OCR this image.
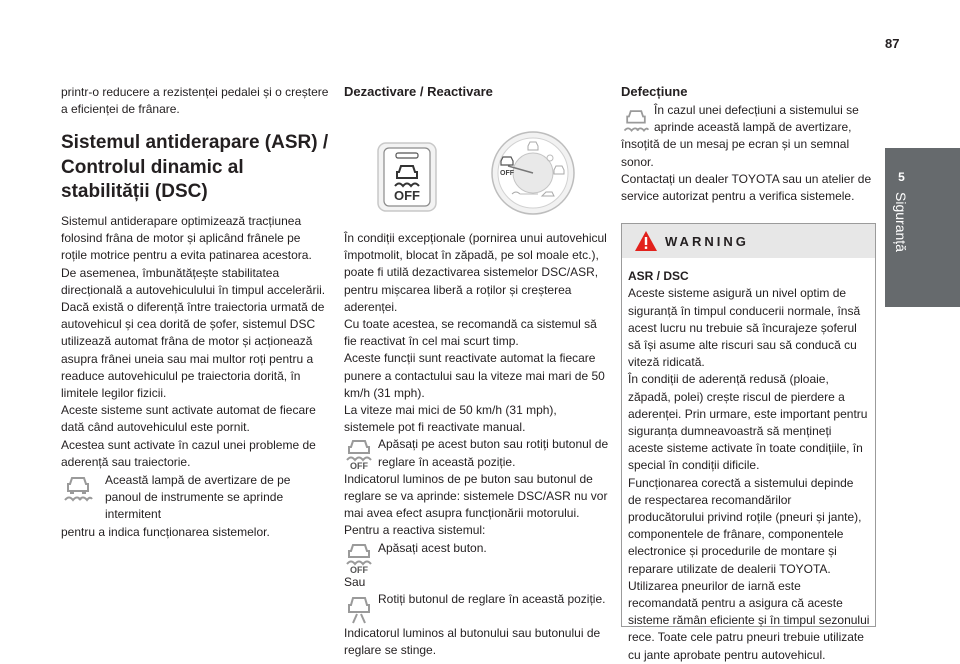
87
5
Siguranță

printr-o reducere a rezistenței pedalei și o creștere a eficienței de frânare.

Sistemul antiderapare (ASR) / Controlul dinamic al stabilității (DSC)

Sistemul antiderapare optimizează tracțiunea folosind frâna de motor și aplicând frânele pe roțile motrice pentru a evita patinarea acestora. De asemenea, îmbunătățește stabilitatea direcțională a autovehiculului în timpul accelerării.
Dacă există o diferență între traiectoria urmată de autovehicul și cea dorită de șofer, sistemul DSC utilizează automat frâna de motor și acționează asupra frânei uneia sau mai multor roți pentru a readuce autovehiculul pe traiectoria dorită, în limitele legilor fizicii.
Aceste sisteme sunt activate automat de fiecare dată când autovehiculul este pornit.
Acestea sunt activate în cazul unei probleme de aderență sau traiectorie.

Această lampă de avertizare de pe panoul de instrumente se aprinde intermitent

pentru a indica funcționarea sistemelor.

Dezactivare / Reactivare
OFF
OFF

În condiții excepționale (pornirea unui autovehicul împotmolit, blocat în zăpadă, pe sol moale etc.), poate fi utilă dezactivarea sistemelor DSC/ASR, pentru mișcarea liberă a roților și creșterea aderenței.
Cu toate acestea, se recomandă ca sistemul să fie reactivat în cel mai scurt timp.
Aceste funcții sunt reactivate automat la fiecare punere a contactului sau la viteze mai mari de 50 km/h (31 mph).
La viteze mai mici de 50 km/h (31 mph), sistemele pot fi reactivate manual.

OFF

Apăsați pe acest buton sau rotiți butonul de reglare în această poziție.

Indicatorul luminos de pe buton sau butonul de reglare se va aprinde: sistemele DSC/ASR nu vor mai avea efect asupra funcționării motorului.
Pentru a reactiva sistemul:

OFF

Apăsați acest buton.

Sau

Rotiți butonul de reglare în această poziție.

Indicatorul luminos al butonului sau butonului de reglare se stinge.

Defecțiune

În cazul unei defecțiuni a sistemului se aprinde această lampă de avertizare,

însoțită de un mesaj pe ecran și un semnal sonor.
Contactați un dealer TOYOTA sau un atelier de service autorizat pentru a verifica sistemele.

WARNING

ASR / DSC

Aceste sisteme asigură un nivel optim de siguranță în timpul conducerii normale, însă acest lucru nu trebuie să încurajeze șoferul să își asume alte riscuri sau să conducă cu viteză ridicată.
În condiții de aderență redusă (ploaie, zăpadă, polei) crește riscul de pierdere a aderenței. Prin urmare, este important pentru siguranța dumneavoastră să mențineți aceste sisteme activate în toate condițiile, în special în condiții dificile.
Funcționarea corectă a sistemului depinde de respectarea recomandărilor producătorului privind roțile (pneuri și jante), componentele de frânare, componentele electronice și procedurile de montare și reparare utilizate de dealerii TOYOTA.
Utilizarea pneurilor de iarnă este recomandată pentru a asigura că aceste sisteme rămân eficiente și în timpul sezonului rece. Toate cele patru pneuri trebuie utilizate cu jante aprobate pentru autovehicul.
